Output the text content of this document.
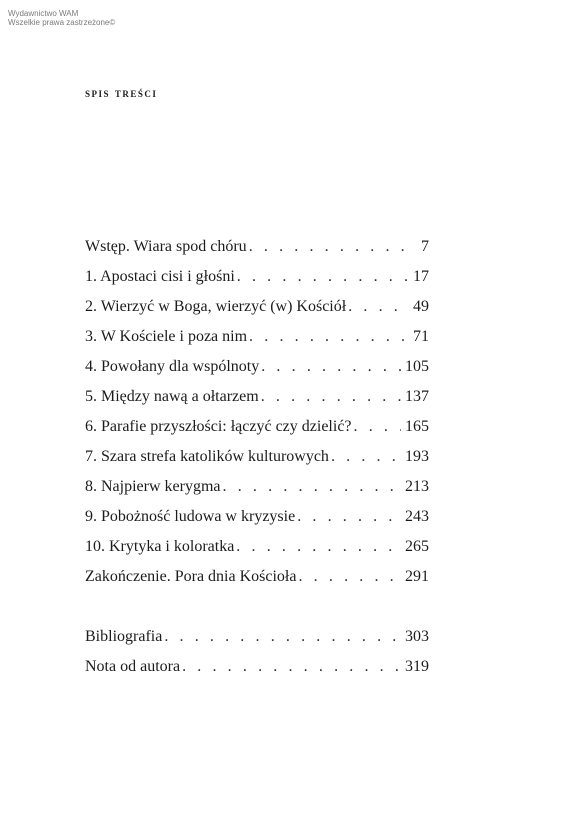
Wydawnictwo WAM
Wszelkie prawa zastrzeżone©
spis treści
Wstęp. Wiara spod chóru . . .	7
1. Apostaci cisi i głośni . . .	17
2. Wierzyć w Boga, wierzyć (w) Kościół . . .	49
3. W Kościele i poza nim . . .	71
4. Powołany dla wspólnoty . . .	105
5. Między nawą a ołtarzem . . .	137
6. Parafie przyszłości: łączyć czy dzielić? . . .	165
7. Szara strefa katolików kulturowych . . .	193
8. Najpierw kerygma . . .	213
9. Pobożność ludowa w kryzysie . . .	243
10. Krytyka i koloratka . . .	265
Zakończenie. Pora dnia Kościoła . . .	291
Bibliografia . . .	303
Nota od autora . . .	319
